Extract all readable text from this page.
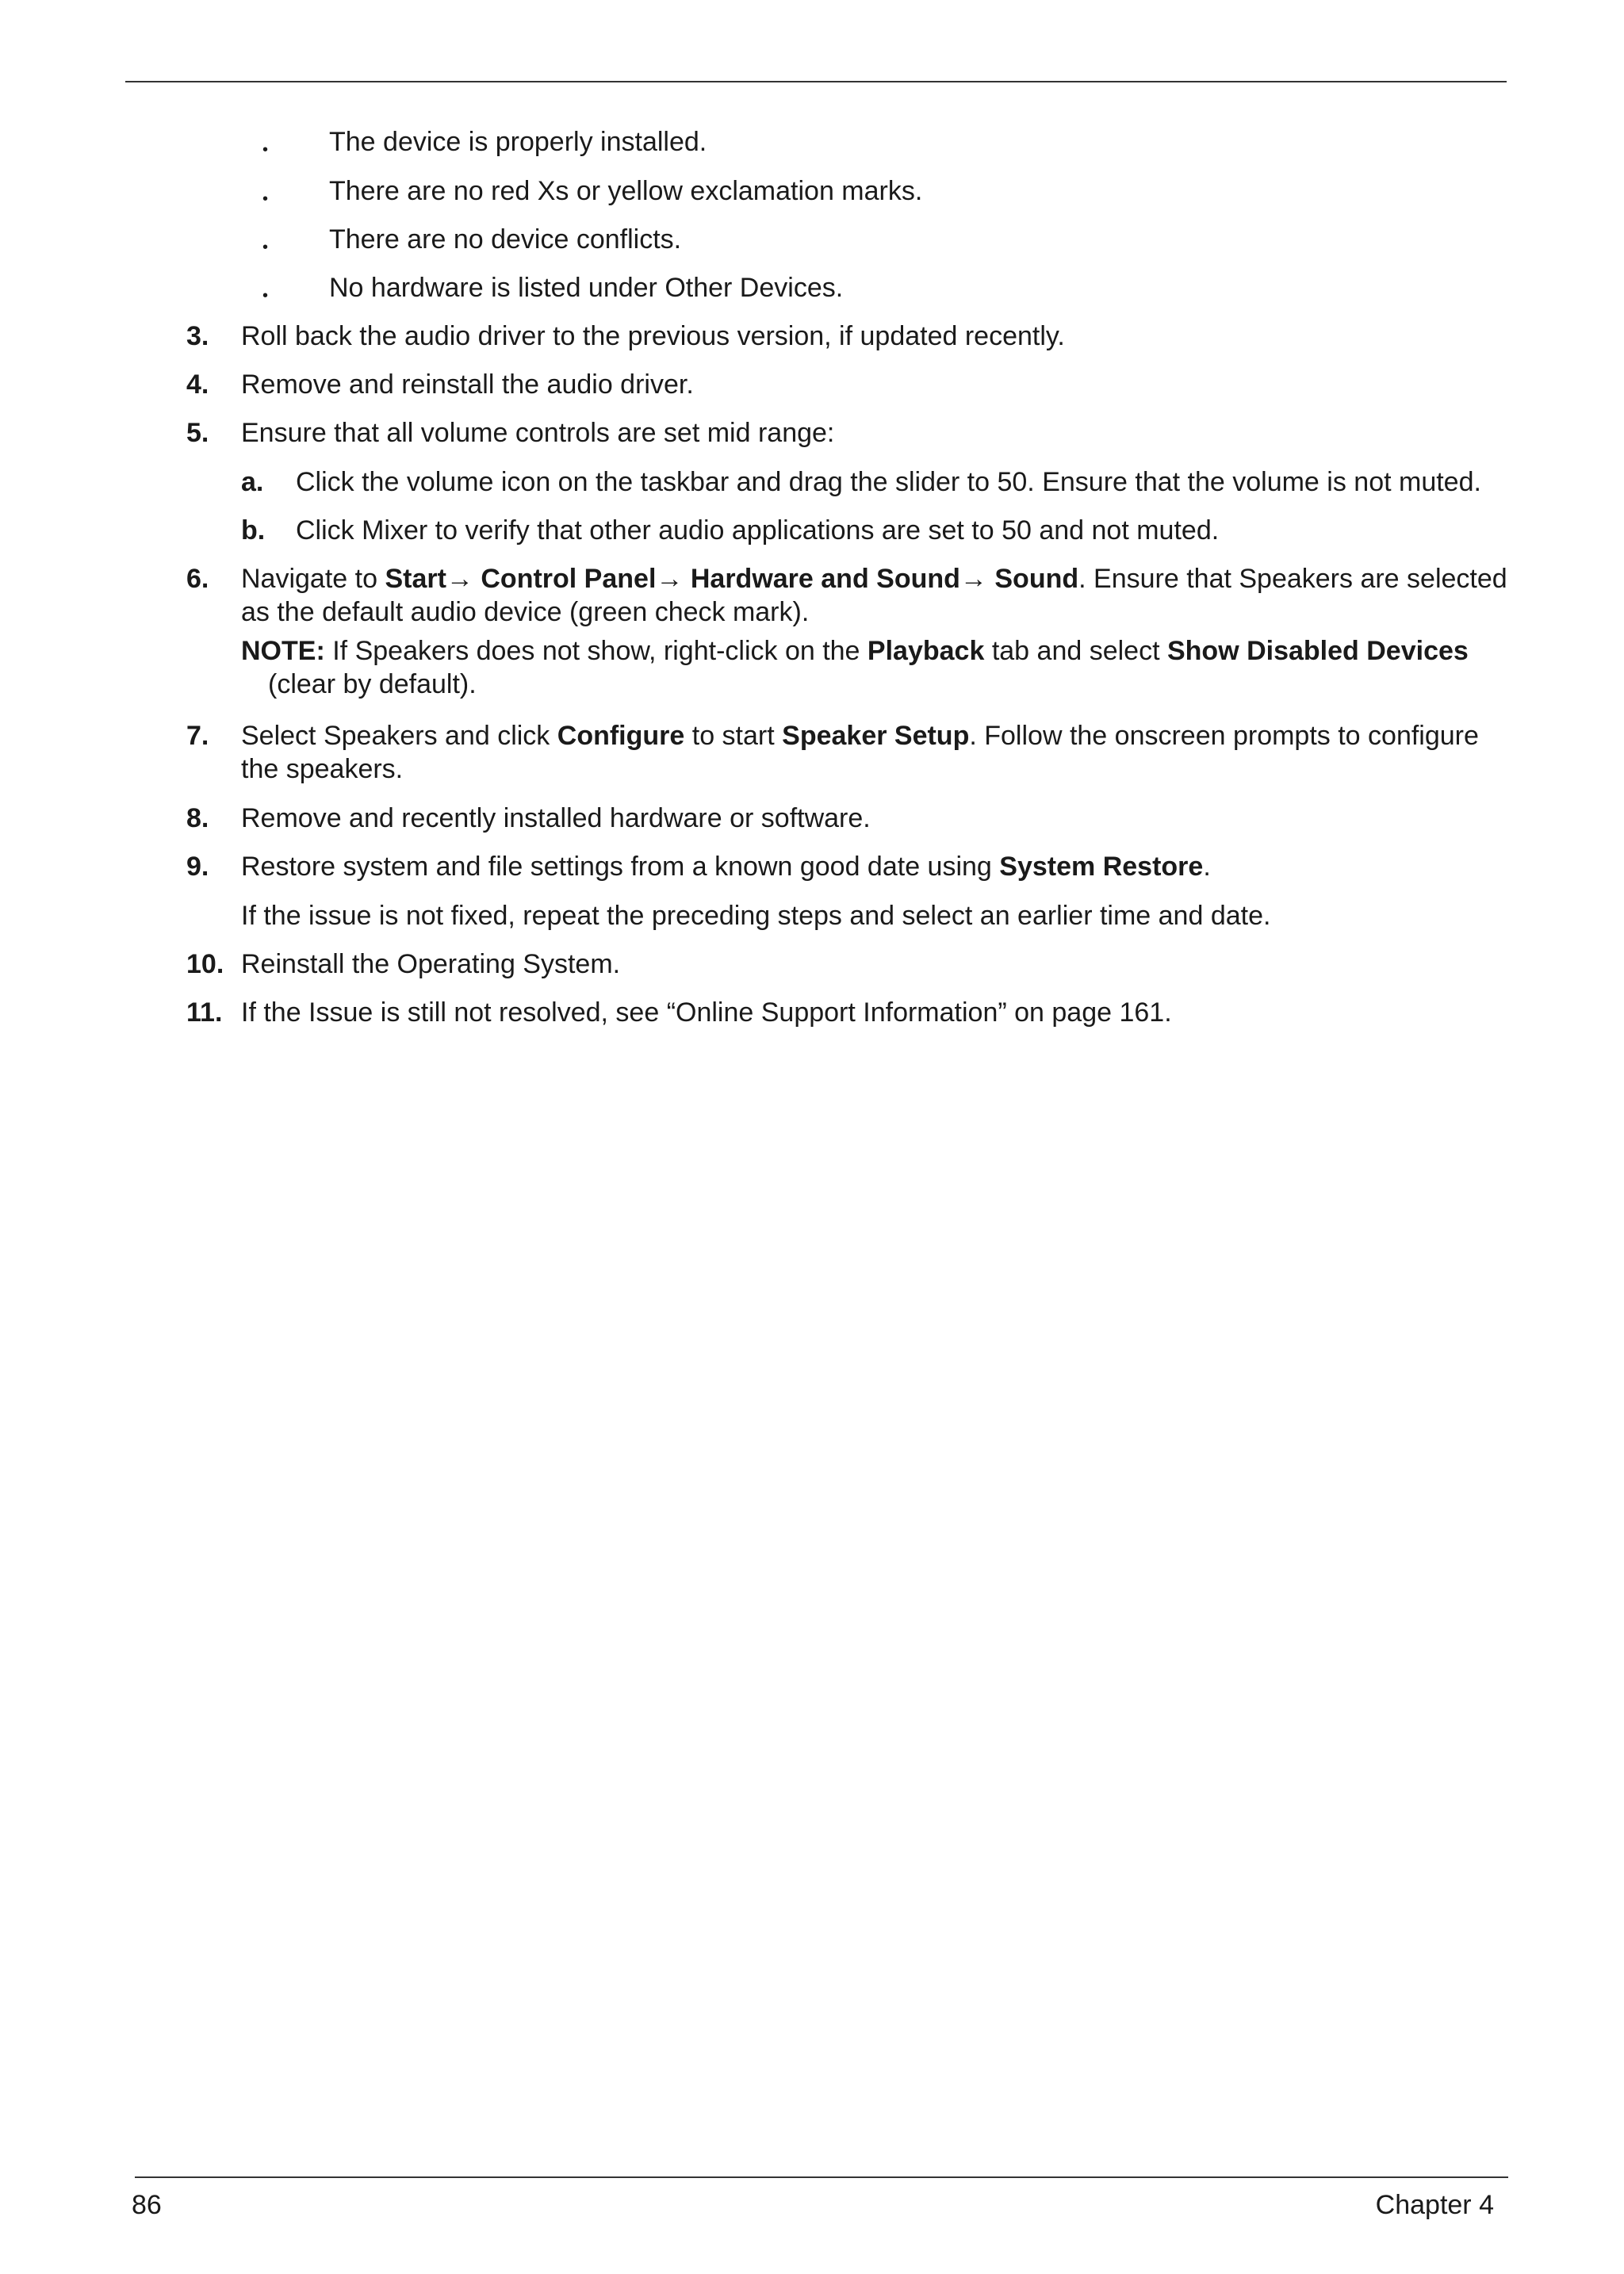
• The device is properly installed.
• There are no red Xs or yellow exclamation marks.
• There are no device conflicts.
• No hardware is listed under Other Devices.
3. Roll back the audio driver to the previous version, if updated recently.
4. Remove and reinstall the audio driver.
5. Ensure that all volume controls are set mid range:
a. Click the volume icon on the taskbar and drag the slider to 50. Ensure that the volume is not muted.
b. Click Mixer to verify that other audio applications are set to 50 and not muted.
6. Navigate to Start→ Control Panel→ Hardware and Sound→ Sound. Ensure that Speakers are selected
as the default audio device (green check mark).
NOTE: If Speakers does not show, right-click on the Playback tab and select Show Disabled Devices
(clear by default).
7. Select Speakers and click Configure to start Speaker Setup. Follow the onscreen prompts to configure
the speakers.
8. Remove and recently installed hardware or software.
9. Restore system and file settings from a known good date using System Restore.
If the issue is not fixed, repeat the preceding steps and select an earlier time and date.
10. Reinstall the Operating System.
11. If the Issue is still not resolved, see “Online Support Information” on page 161.
86	Chapter 4
